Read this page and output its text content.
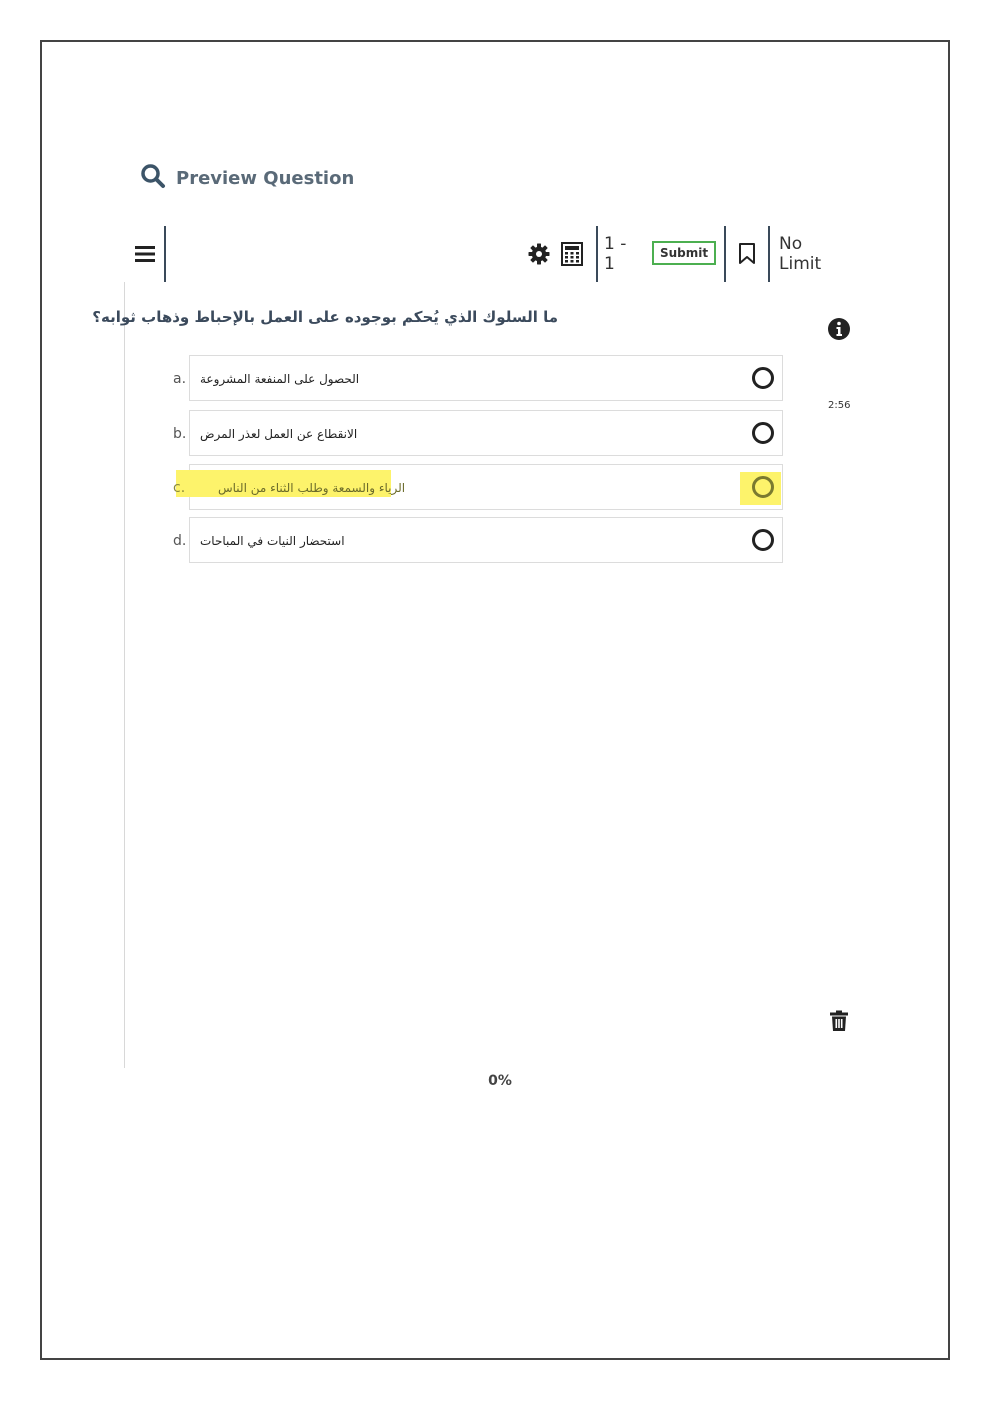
Preview Question
1 - 1
Submit	No Limit
ما السلوك الذي يُحكم بوجوده على العمل بالإحباط وذهاب ثوابه؟
2:56
a. الحصول على المنفعة المشروعة
b. الانقطاع عن العمل لعذر المرض
c.	الرياء والسمعة وطلب الثناء من الناس
d. استحضار النيات في المباحات
0%
